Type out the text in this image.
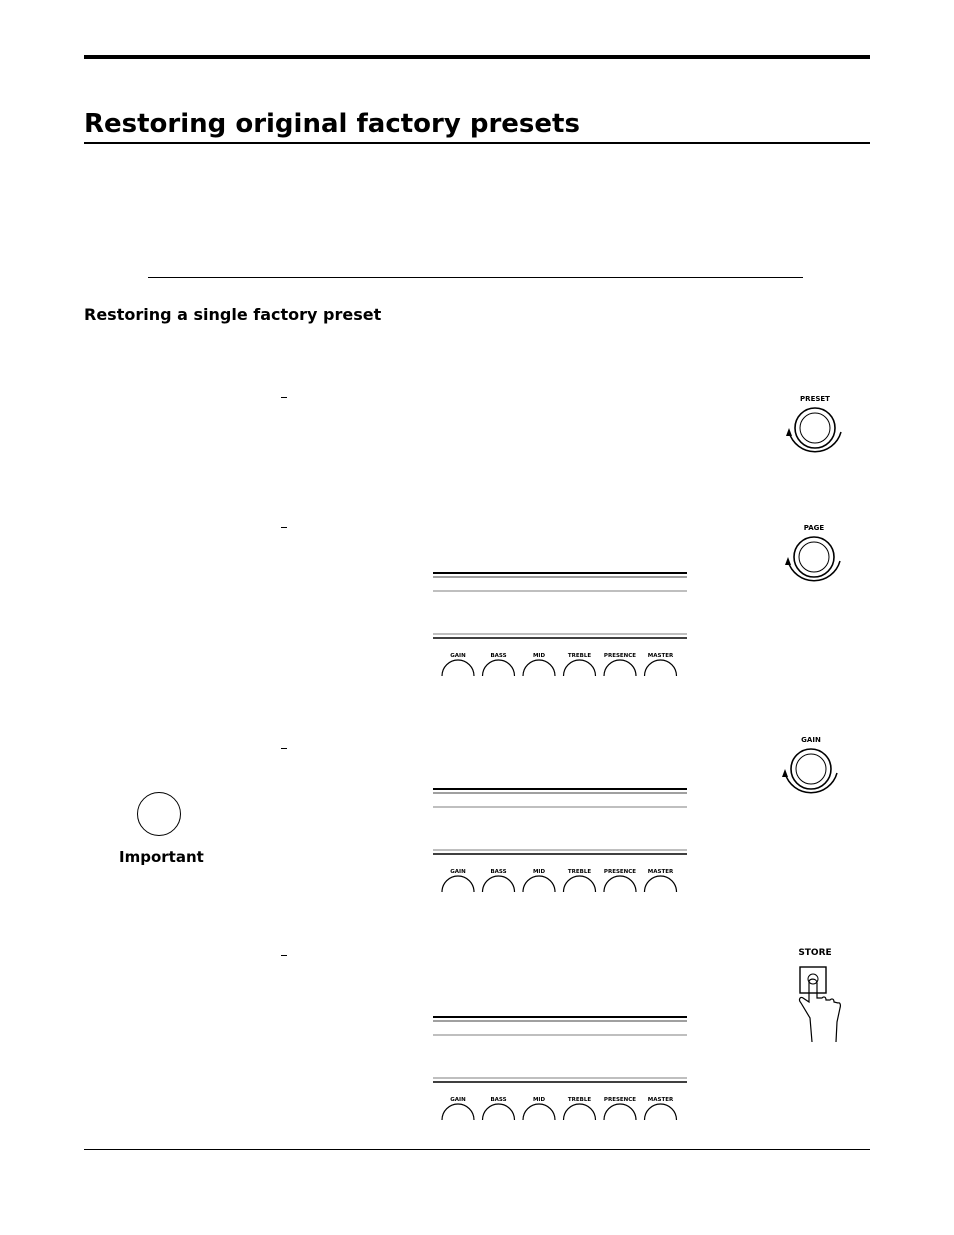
Restoring original factory presets
Restoring a single factory preset
Important
PRESET
PAGE
GAIN
STORE
GAIN	BASS	MID	TREBLE PRESENCE MASTER
GAIN	BASS	MID	TREBLE PRESENCE MASTER
GAIN	BASS	MID	TREBLE PRESENCE MASTER
